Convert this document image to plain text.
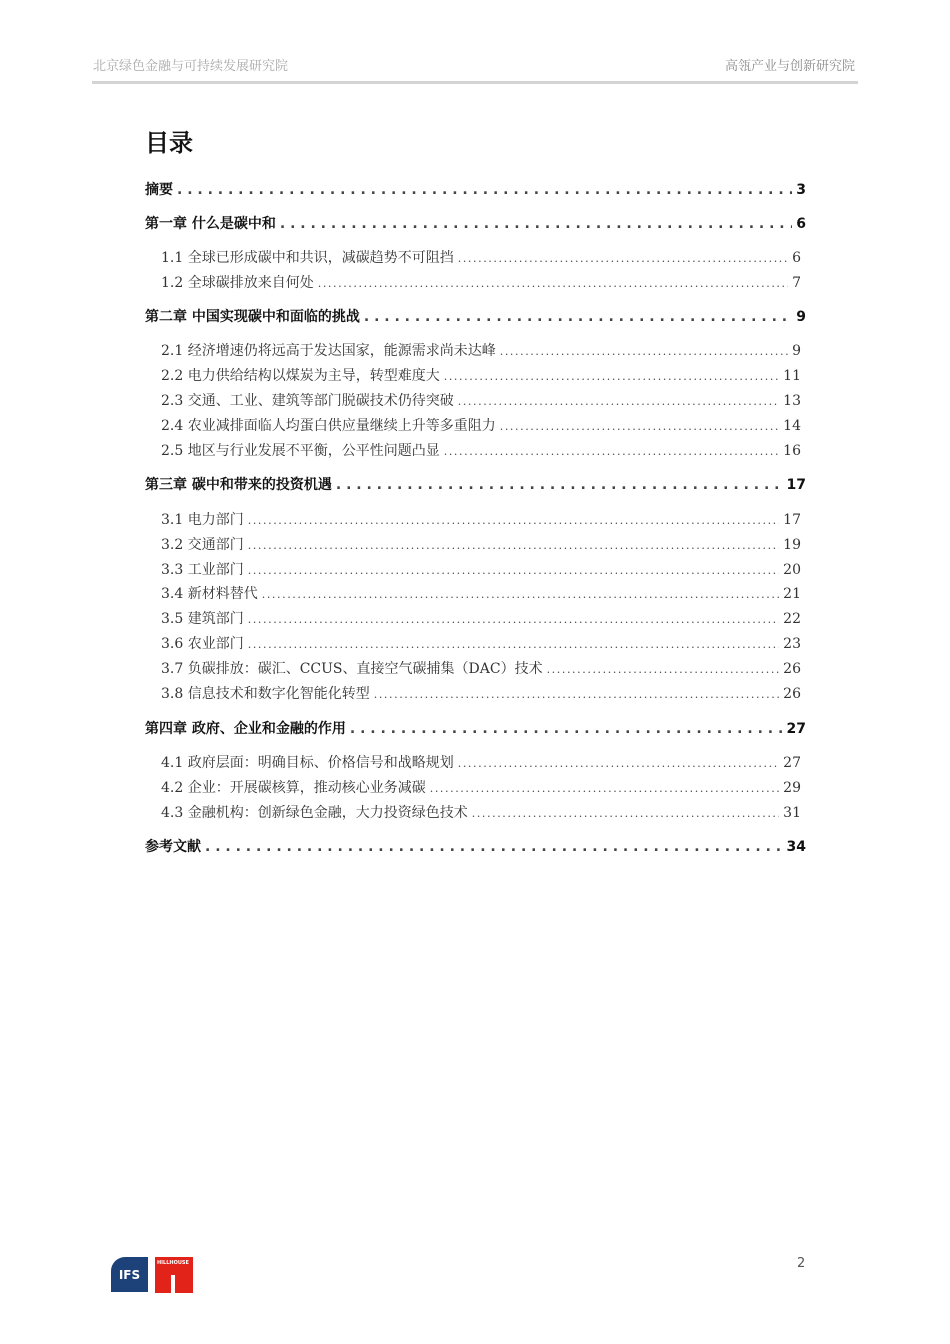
北京绿色金融与可持续发展研究院	高瓴产业与创新研究院
目录
摘要 . . .	3
第一章 什么是碳中和 . . .	6
1.1 全球已形成碳中和共识，减碳趋势不可阻挡 .....	6
1.2 全球碳排放来自何处 .....	7
第二章 中国实现碳中和面临的挑战 . . .	9
2.1 经济增速仍将远高于发达国家，能源需求尚未达峰 .....	9
2.2 电力供给结构以煤炭为主导，转型难度大 .....	11
2.3 交通、工业、建筑等部门脱碳技术仍待突破 .....	13
2.4 农业减排面临人均蛋白供应量继续上升等多重阻力 .....	14
2.5 地区与行业发展不平衡，公平性问题凸显 .....	16
第三章 碳中和带来的投资机遇 . . .	17
3.1 电力部门 .....	17
3.2 交通部门 .....	19
3.3 工业部门 .....	20
3.4 新材料替代 .....	21
3.5 建筑部门 .....	22
3.6 农业部门 .....	23
3.7 负碳排放：碳汇、CCUS、直接空气碳捕集（DAC）技术 .....	26
3.8 信息技术和数字化智能化转型 .....	26
第四章 政府、企业和金融的作用 . . .	27
4.1 政府层面：明确目标、价格信号和战略规划 .....	27
4.2 企业：开展碳核算，推动核心业务减碳 .....	29
4.3 金融机构：创新绿色金融，大力投资绿色技术 .....	31
参考文献 . . .	34
IFS
HILLHOUSE	2
